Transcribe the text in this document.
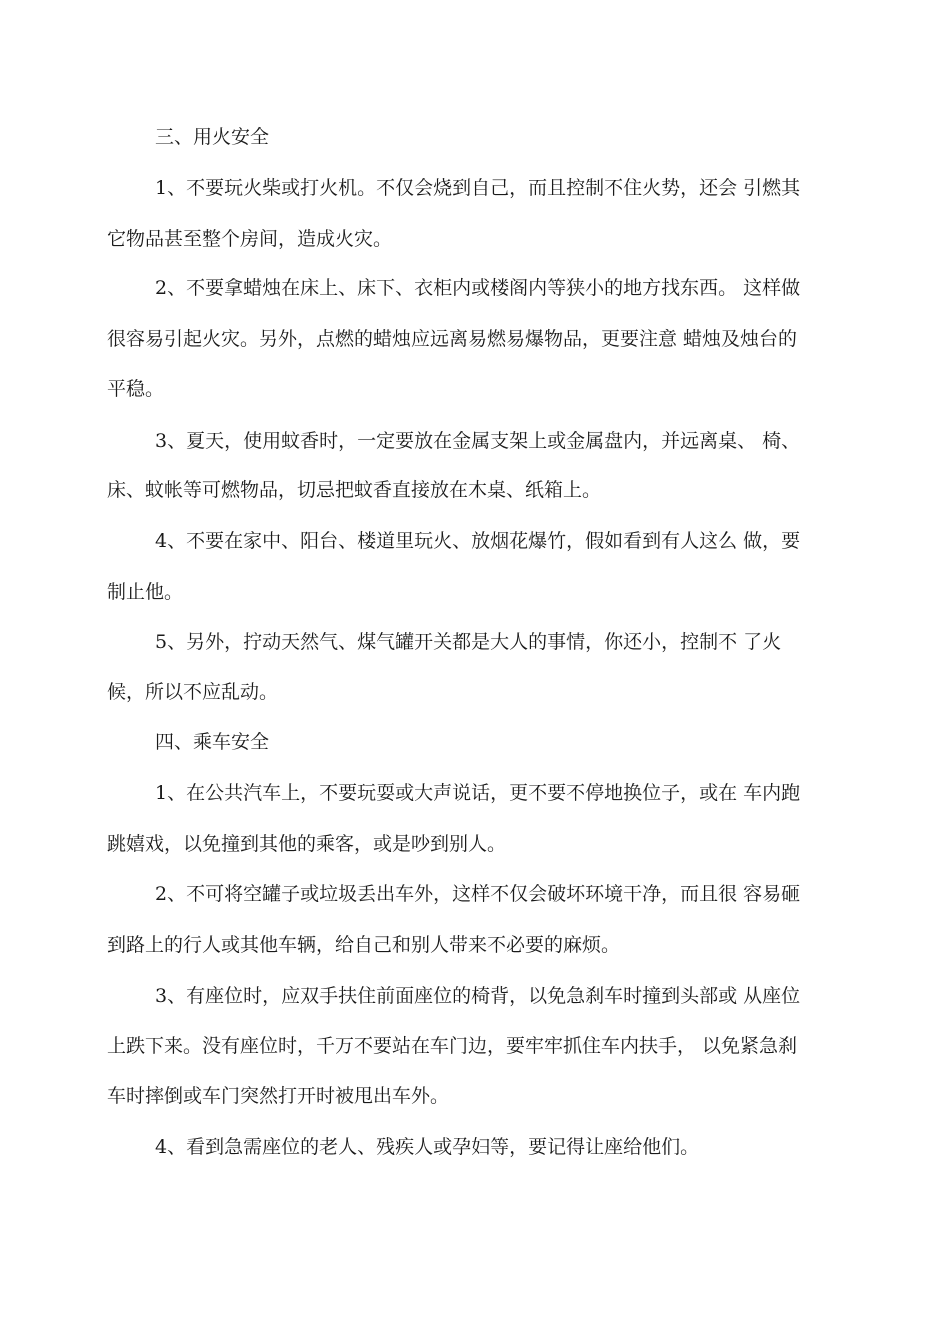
三、用火安全

1、不要玩火柴或打火机。不仅会烧到自己，而且控制不住火势，还会 引燃其

它物品甚至整个房间，造成火灾。

2、不要拿蜡烛在床上、床下、衣柜内或楼阁内等狭小的地方找东西。 这样做

很容易引起火灾。另外，点燃的蜡烛应远离易燃易爆物品，更要注意 蜡烛及烛台的

平稳。

3、夏天，使用蚊香时，一定要放在金属支架上或金属盘内，并远离桌、 椅、

床、蚊帐等可燃物品，切忌把蚊香直接放在木桌、纸箱上。

4、不要在家中、阳台、楼道里玩火、放烟花爆竹，假如看到有人这么 做，要

制止他。

5、另外，拧动天然气、煤气罐开关都是大人的事情，你还小，控制不 了火

候，所以不应乱动。

四、乘车安全

1、在公共汽车上，不要玩耍或大声说话，更不要不停地换位子，或在 车内跑

跳嬉戏，以免撞到其他的乘客，或是吵到别人。

2、不可将空罐子或垃圾丢出车外，这样不仅会破坏环境干净，而且很 容易砸

到路上的行人或其他车辆，给自己和别人带来不必要的麻烦。

3、有座位时，应双手扶住前面座位的椅背，以免急刹车时撞到头部或 从座位

上跌下来。没有座位时，千万不要站在车门边，要牢牢抓住车内扶手， 以免紧急刹

车时摔倒或车门突然打开时被甩出车外。

4、看到急需座位的老人、残疾人或孕妇等，要记得让座给他们。
